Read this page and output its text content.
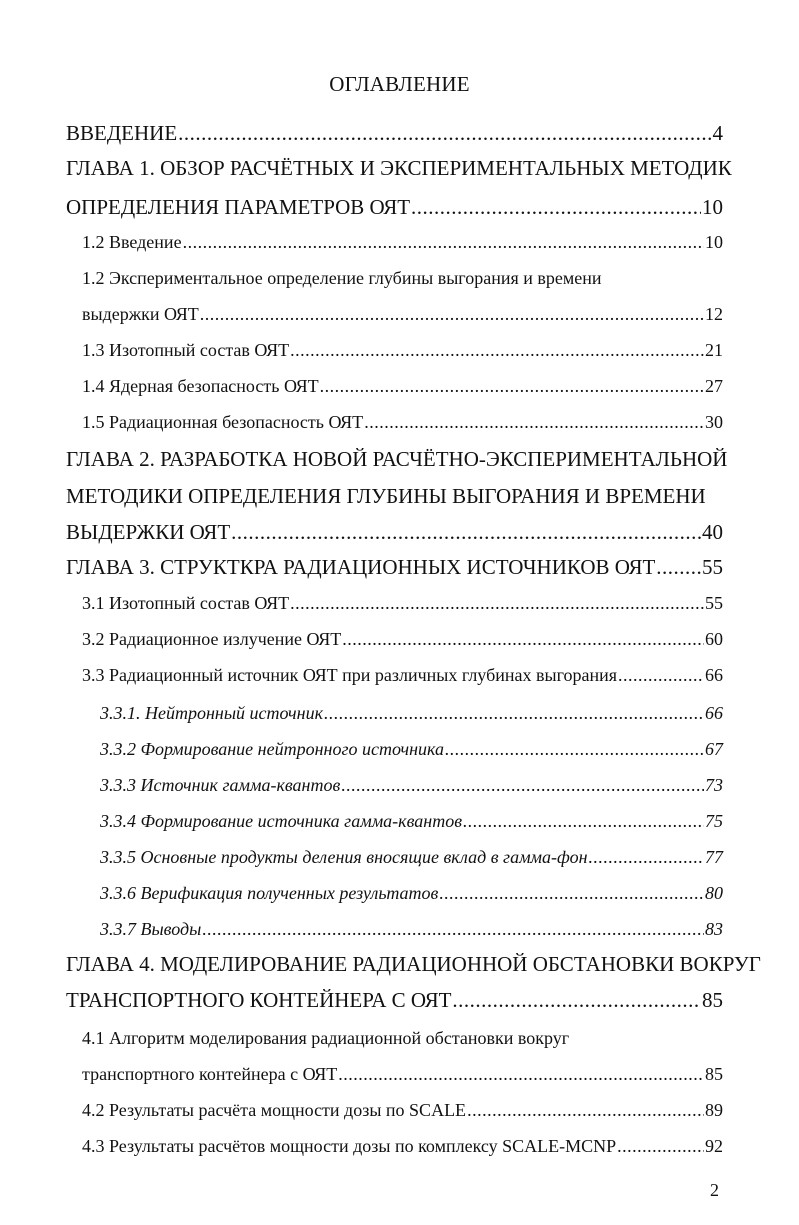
ОГЛАВЛЕНИЕ
ВВЕДЕНИЕ .....	4
ГЛАВА 1. ОБЗОР РАСЧЁТНЫХ И ЭКСПЕРИМЕНТАЛЬНЫХ МЕТОДИК
ОПРЕДЕЛЕНИЯ ПАРАМЕТРОВ ОЯТ .....	10
1.2 Введение .....	10
1.2 Экспериментальное определение глубины выгорания и времени
выдержки ОЯТ .....	12
1.3 Изотопный состав ОЯТ .....	21
1.4 Ядерная безопасность ОЯТ .....	27
1.5 Радиационная безопасность ОЯТ .....	30
ГЛАВА 2. РАЗРАБОТКА НОВОЙ РАСЧЁТНО-ЭКСПЕРИМЕНТАЛЬНОЙ
МЕТОДИКИ ОПРЕДЕЛЕНИЯ ГЛУБИНЫ ВЫГОРАНИЯ И ВРЕМЕНИ
ВЫДЕРЖКИ ОЯТ .....	40
ГЛАВА 3. СТРУКТКРА РАДИАЦИОННЫХ ИСТОЧНИКОВ ОЯТ ..... 55
3.1 Изотопный состав ОЯТ .....	55
3.2 Радиационное излучение ОЯТ .....	60
3.3 Радиационный источник ОЯТ при различных глубинах выгорания .....	66
3.3.1. Нейтронный источник .....	66
3.3.2 Формирование нейтронного источника .....	67
3.3.3 Источник гамма-квантов .....	73
3.3.4 Формирование источника гамма-квантов .....	75
3.3.5 Основные продукты деления вносящие вклад в гамма-фон .....	77
3.3.6 Верификация полученных результатов .....	80
3.3.7 Выводы .....	83
ГЛАВА 4. МОДЕЛИРОВАНИЕ РАДИАЦИОННОЙ ОБСТАНОВКИ ВОКРУГ
ТРАНСПОРТНОГО КОНТЕЙНЕРА С ОЯТ .....	85
4.1 Алгоритм моделирования радиационной обстановки вокруг
транспортного контейнера с ОЯТ .....	85
4.2 Результаты расчёта мощности дозы по SCALE .....	89
4.3 Результаты расчётов мощности дозы по комплексу SCALE-MCNP .....	92
2
